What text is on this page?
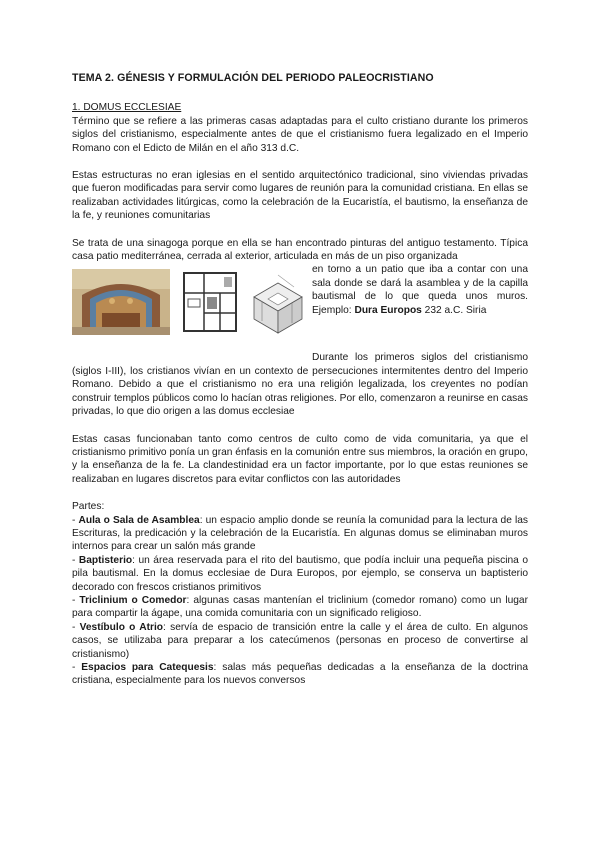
TEMA 2. GÉNESIS Y FORMULACIÓN DEL PERIODO PALEOCRISTIANO
1. DOMUS ECCLESIAE

Término que se refiere a las primeras casas adaptadas para el culto cristiano durante los primeros siglos del cristianismo, especialmente antes de que el cristianismo fuera legalizado en el Imperio Romano con el Edicto de Milán en el año 313 d.C.

Estas estructuras no eran iglesias en el sentido arquitectónico tradicional, sino viviendas privadas que fueron modificadas para servir como lugares de reunión para la comunidad cristiana. En ellas se realizaban actividades litúrgicas, como la celebración de la Eucaristía, el bautismo, la enseñanza de la fe, y reuniones comunitarias

Se trata de una sinagoga porque en ella se han encontrado pinturas del antiguo testamento. Típica casa patio mediterránea, cerrada al exterior, articulada en más de un piso organizada

en torno a un patio que iba a contar con una sala donde se dará la asamblea y de la capilla bautismal de lo que queda unos muros. Ejemplo: Dura Europos 232 a.C. Siria

Durante los primeros siglos del cristianismo (siglos I-III), los cristianos vivían en un contexto de persecuciones intermitentes dentro del Imperio Romano. Debido a que el cristianismo no era una religión legalizada, los creyentes no podían construir templos públicos como lo hacían otras religiones. Por ello, comenzaron a reunirse en casas privadas, lo que dio origen a las domus ecclesiae

Estas casas funcionaban tanto como centros de culto como de vida comunitaria, ya que el cristianismo primitivo ponía un gran énfasis en la comunión entre sus miembros, la oración en grupo, y la enseñanza de la fe. La clandestinidad era un factor importante, por lo que estas reuniones se realizaban en lugares discretos para evitar conflictos con las autoridades

Partes:

- Aula o Sala de Asamblea: un espacio amplio donde se reunía la comunidad para la lectura de las Escrituras, la predicación y la celebración de la Eucaristía. En algunas domus se eliminaban muros internos para crear un salón más grande

- Baptisterio: un área reservada para el rito del bautismo, que podía incluir una pequeña piscina o pila bautismal. En la domus ecclesiae de Dura Europos, por ejemplo, se conserva un baptisterio decorado con frescos cristianos primitivos

- Triclinium o Comedor: algunas casas mantenían el triclinium (comedor romano) como un lugar para compartir la ágape, una comida comunitaria con un significado religioso.

- Vestíbulo o Atrio: servía de espacio de transición entre la calle y el área de culto. En algunos casos, se utilizaba para preparar a los catecúmenos (personas en proceso de convertirse al cristianismo)

- Espacios para Catequesis: salas más pequeñas dedicadas a la enseñanza de la doctrina cristiana, especialmente para los nuevos conversos
